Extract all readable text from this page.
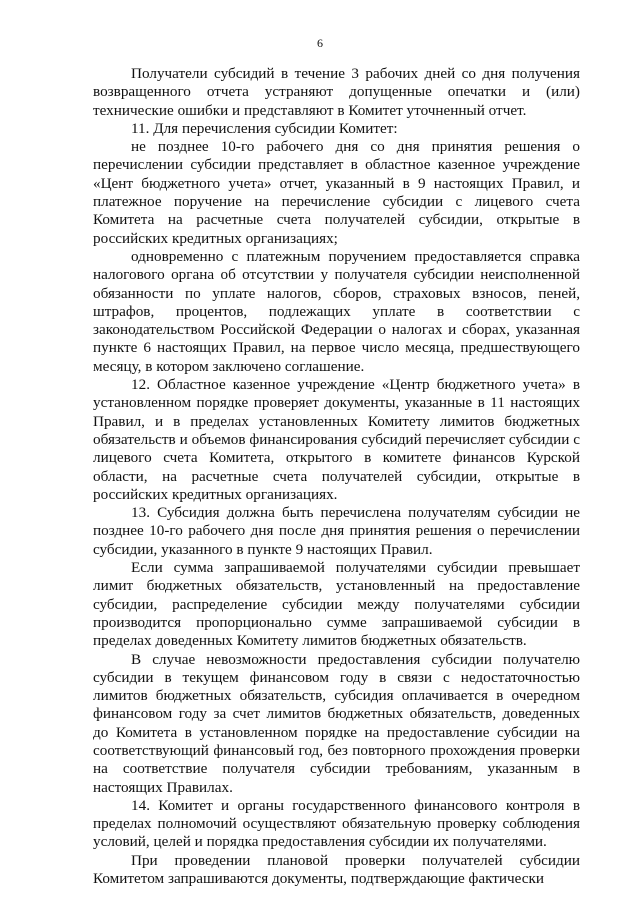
6

Получатели субсидий в течение 3 рабочих дней со дня получения возвращенного отчета устраняют допущенные опечатки и (или) технические ошибки и представляют в Комитет уточненный отчет.

11. Для перечисления субсидии Комитет:

не позднее 10-го рабочего дня со дня принятия решения о перечислении субсидии представляет в областное казенное учреждение «Цент бюджетного учета» отчет, указанный в 9 настоящих Правил, и платежное поручение на перечисление субсидии с лицевого счета Комитета на расчетные счета получателей субсидии, открытые в российских кредитных организациях;

одновременно с платежным поручением предоставляется справка налогового органа об отсутствии у получателя субсидии неисполненной обязанности по уплате налогов, сборов, страховых взносов, пеней, штрафов, процентов, подлежащих уплате в соответствии с законодательством Российской Федерации о налогах и сборах, указанная пункте 6 настоящих Правил, на первое число месяца, предшествующего месяцу, в котором заключено соглашение.

12. Областное казенное учреждение «Центр бюджетного учета» в установленном порядке проверяет документы, указанные в 11 настоящих Правил, и в пределах установленных Комитету лимитов бюджетных обязательств и объемов финансирования субсидий перечисляет субсидии с лицевого счета Комитета, открытого в комитете финансов Курской области, на расчетные счета получателей субсидии, открытые в российских кредитных организациях.

13. Субсидия должна быть перечислена получателям субсидии не позднее 10-го рабочего дня после дня принятия решения о перечислении субсидии, указанного в пункте 9 настоящих Правил.

Если сумма запрашиваемой получателями субсидии превышает лимит бюджетных обязательств, установленный на предоставление субсидии, распределение субсидии между получателями субсидии производится пропорционально сумме запрашиваемой субсидии в пределах доведенных Комитету лимитов бюджетных обязательств.

В случае невозможности предоставления субсидии получателю субсидии в текущем финансовом году в связи с недостаточностью лимитов бюджетных обязательств, субсидия оплачивается в очередном финансовом году за счет лимитов бюджетных обязательств, доведенных до Комитета в установленном порядке на предоставление субсидии на соответствующий финансовый год, без повторного прохождения проверки на соответствие получателя субсидии требованиям, указанным в настоящих Правилах.

14. Комитет и органы государственного финансового контроля в пределах полномочий осуществляют обязательную проверку соблюдения условий, целей и порядка предоставления субсидии их получателями.

При проведении плановой проверки получателей субсидии Комитетом запрашиваются документы, подтверждающие фактически
